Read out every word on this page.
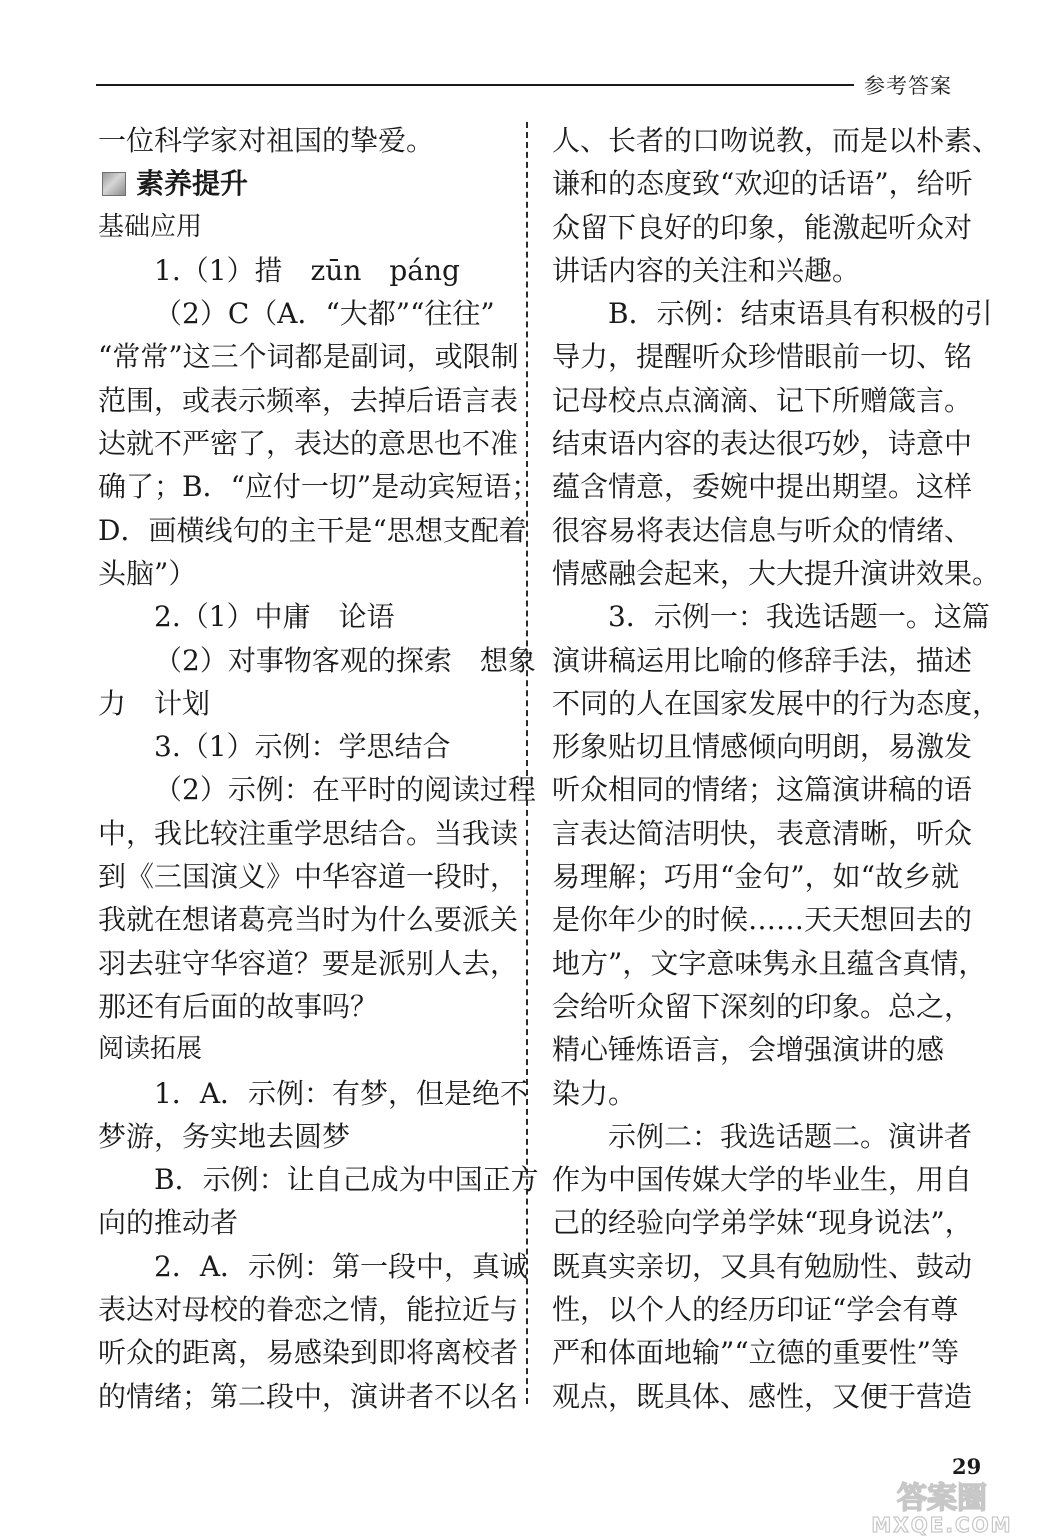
参考答案
一位科学家对祖国的挚爱。
素养提升
基础应用
1.（1）措　zūn　páng
（2）C（A．“大都”“往往”
“常常”这三个词都是副词，或限制
范围，或表示频率，去掉后语言表
达就不严密了，表达的意思也不准
确了；B．“应付一切”是动宾短语；
D．画横线句的主干是“思想支配着
头脑”）
2.（1）中庸　论语
（2）对事物客观的探索　想象
力　计划
3.（1）示例：学思结合
（2）示例：在平时的阅读过程
中，我比较注重学思结合。当我读
到《三国演义》中华容道一段时，
我就在想诸葛亮当时为什么要派关
羽去驻守华容道？要是派别人去，
那还有后面的故事吗？
阅读拓展
1．A．示例：有梦，但是绝不
梦游，务实地去圆梦
B．示例：让自己成为中国正方
向的推动者
2．A．示例：第一段中，真诚
表达对母校的眷恋之情，能拉近与
听众的距离，易感染到即将离校者
的情绪；第二段中，演讲者不以名
人、长者的口吻说教，而是以朴素、
谦和的态度致“欢迎的话语”，给听
众留下良好的印象，能激起听众对
讲话内容的关注和兴趣。
B．示例：结束语具有积极的引
导力，提醒听众珍惜眼前一切、铭
记母校点点滴滴、记下所赠箴言。
结束语内容的表达很巧妙，诗意中
蕴含情意，委婉中提出期望。这样
很容易将表达信息与听众的情绪、
情感融会起来，大大提升演讲效果。
3．示例一：我选话题一。这篇
演讲稿运用比喻的修辞手法，描述
不同的人在国家发展中的行为态度，
形象贴切且情感倾向明朗，易激发
听众相同的情绪；这篇演讲稿的语
言表达简洁明快，表意清晰，听众
易理解；巧用“金句”，如“故乡就
是你年少的时候……天天想回去的
地方”，文字意味隽永且蕴含真情，
会给听众留下深刻的印象。总之，
精心锤炼语言，会增强演讲的感
染力。
示例二：我选话题二。演讲者
作为中国传媒大学的毕业生，用自
己的经验向学弟学妹“现身说法”，
既真实亲切，又具有勉励性、鼓动
性，以个人的经历印证“学会有尊
严和体面地输”“立德的重要性”等
观点，既具体、感性，又便于营造
29
答案圈
MXQE.COM
